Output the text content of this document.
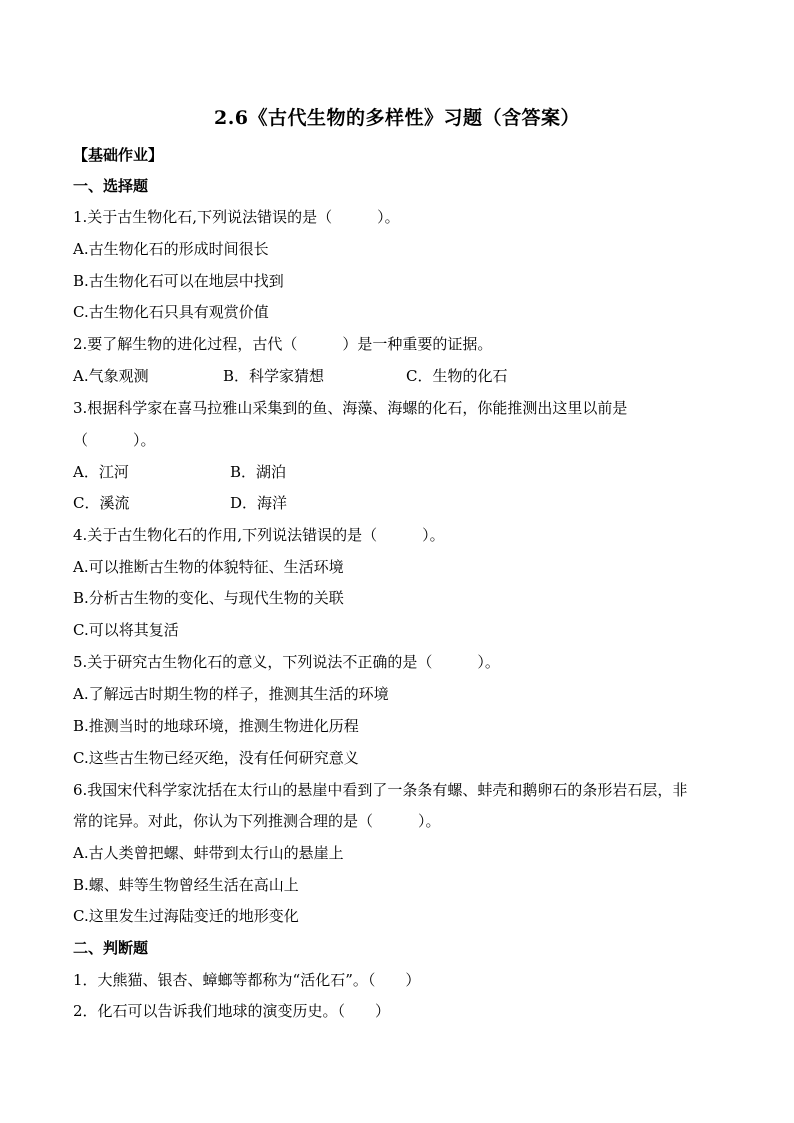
2.6《古代生物的多样性》习题（含答案）
【基础作业】
一、选择题
1.关于古生物化石,下列说法错误的是（　　　）。
A.古生物化石的形成时间很长
B.古生物化石可以在地层中找到
C.古生物化石只具有观赏价值
2.要了解生物的进化过程，古代（　　　）是一种重要的证据。
A.气象观测	B．科学家猜想	C．生物的化石
3.根据科学家在喜马拉雅山采集到的鱼、海藻、海螺的化石，你能推测出这里以前是
（　　　）。
A．江河	B．湖泊
C．溪流	D．海洋
4.关于古生物化石的作用,下列说法错误的是（　　　）。
A.可以推断古生物的体貌特征、生活环境
B.分析古生物的变化、与现代生物的关联
C.可以将其复活
5.关于研究古生物化石的意义，下列说法不正确的是（　　　）。
A.了解远古时期生物的样子，推测其生活的环境
B.推测当时的地球环境，推测生物进化历程
C.这些古生物已经灭绝，没有任何研究意义
6.我国宋代科学家沈括在太行山的悬崖中看到了一条条有螺、蚌壳和鹅卵石的条形岩石层，非
常的诧异。对此，你认为下列推测合理的是（　　　）。
A.古人类曾把螺、蚌带到太行山的悬崖上
B.螺、蚌等生物曾经生活在高山上
C.这里发生过海陆变迁的地形变化
二、判断题
1．大熊猫、银杏、蟑螂等都称为“活化石”。（　　）
2．化石可以告诉我们地球的演变历史。（　　）
